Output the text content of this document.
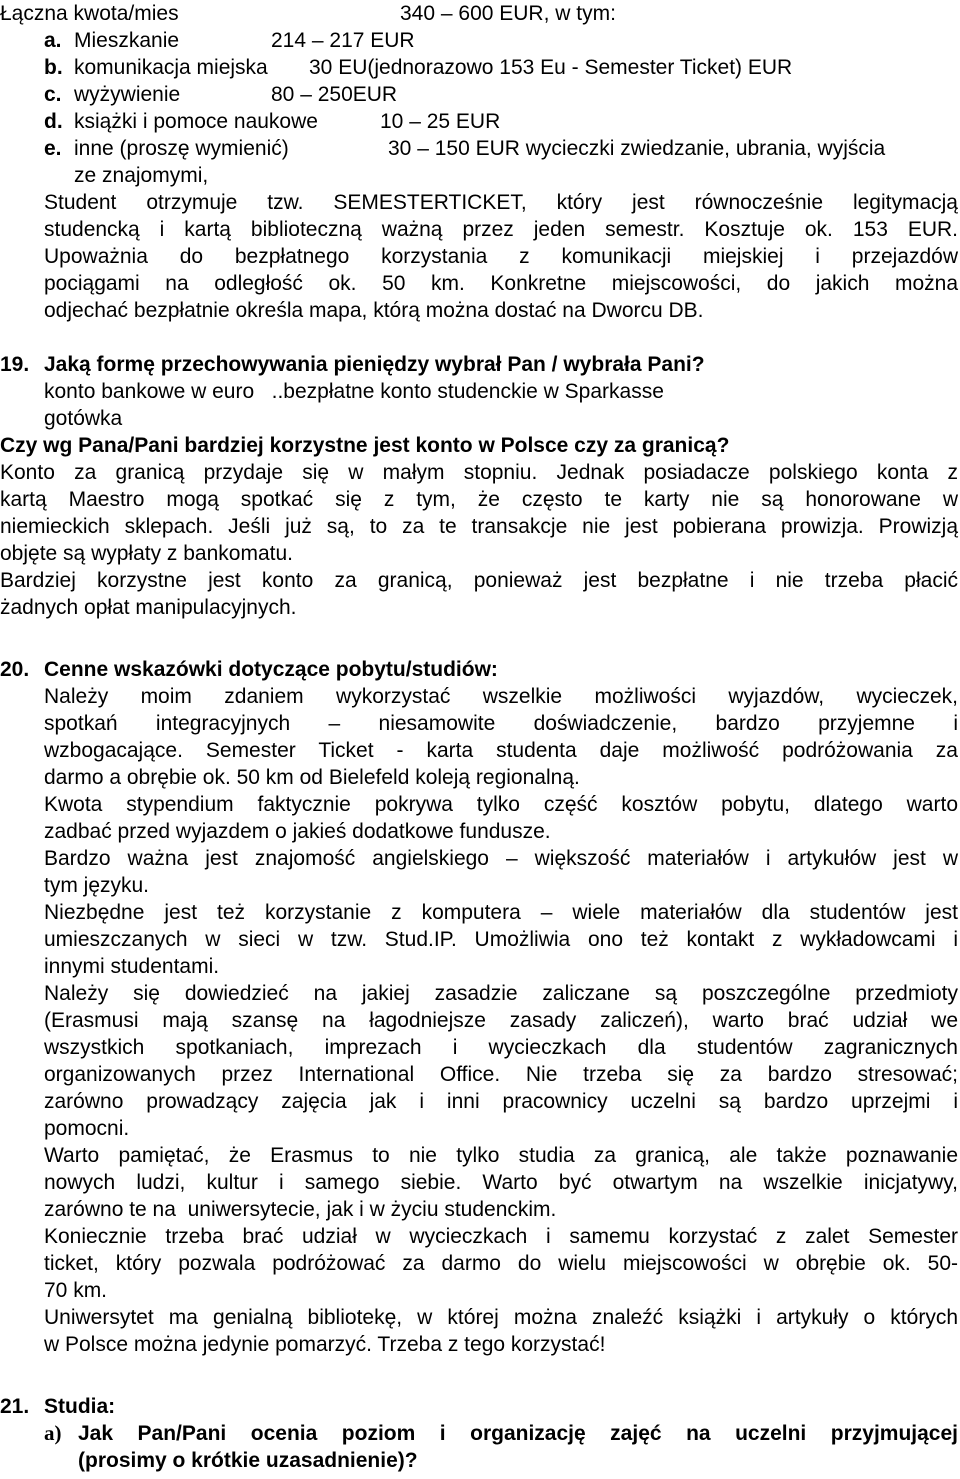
Łączna kwota/mies	340 – 600 EUR, w tym:
a. Mieszkanie	214 – 217 EUR
b. komunikacja miejska 30 EU(jednorazowo 153 Eu - Semester Ticket) EUR
c. wyżywienie	80 – 250EUR
d. książki i pomoce naukowe	10 – 25 EUR
e. inne (proszę wymienić)	30 – 150 EUR wycieczki zwiedzanie, ubrania, wyjścia
ze znajomymi,
Student otrzymuje tzw. SEMESTERTICKET, który jest równocześnie legitymacją
studencką i kartą biblioteczną ważną przez jeden semestr. Kosztuje ok. 153 EUR.
Upoważnia do bezpłatnego korzystania z komunikacji miejskiej i przejazdów
pociągami na odległość ok. 50 km. Konkretne miejscowości, do jakich można
odjechać bezpłatnie określa mapa, którą można dostać na Dworcu DB.
19. Jaką formę przechowywania pieniędzy wybrał Pan / wybrała Pani?
konto bankowe w euro   ..bezpłatne konto studenckie w Sparkasse
gotówka
Czy wg Pana/Pani bardziej korzystne jest konto w Polsce czy za granicą?
Konto za granicą przydaje się w małym stopniu. Jednak posiadacze polskiego konta z
kartą Maestro mogą spotkać się z tym, że często te karty nie są honorowane w
niemieckich sklepach. Jeśli już są, to za te transakcje nie jest pobierana prowizja. Prowizją
objęte są wypłaty z bankomatu.
Bardziej korzystne jest konto za granicą, ponieważ jest bezpłatne i nie trzeba płacić
żadnych opłat manipulacyjnych.
20. Cenne wskazówki dotyczące pobytu/studiów:
Należy moim zdaniem wykorzystać wszelkie możliwości wyjazdów, wycieczek,
spotkań integracyjnych – niesamowite doświadczenie, bardzo przyjemne i
wzbogacające. Semester Ticket - karta studenta daje możliwość podróżowania za
darmo a obrębie ok. 50 km od Bielefeld koleją regionalną.
Kwota stypendium faktycznie pokrywa tylko część kosztów pobytu, dlatego warto
zadbać przed wyjazdem o jakieś dodatkowe fundusze.
Bardzo ważna jest znajomość angielskiego – większość materiałów i artykułów jest w
tym języku.
Niezbędne jest też korzystanie z komputera – wiele materiałów dla studentów jest
umieszczanych w sieci w tzw. Stud.IP. Umożliwia ono też kontakt z wykładowcami i
innymi studentami.
Należy się dowiedzieć na jakiej zasadzie zaliczane są poszczególne przedmioty
(Erasmusi mają szansę na łagodniejsze zasady zaliczeń), warto brać udział we
wszystkich spotkaniach, imprezach i wycieczkach dla studentów zagranicznych
organizowanych przez International Office. Nie trzeba się za bardzo stresować;
zarówno prowadzący zajęcia jak i inni pracownicy uczelni są bardzo uprzejmi i
pomocni.
Warto pamiętać, że Erasmus to nie tylko studia za granicą, ale także poznawanie
nowych ludzi, kultur i samego siebie. Warto być otwartym na wszelkie inicjatywy,
zarówno te na  uniwersytecie, jak i w życiu studenckim.
Koniecznie trzeba brać udział w wycieczkach i samemu korzystać z zalet Semester
ticket, który pozwala podróżować za darmo do wielu miejscowości w obrębie ok. 50-
70 km.
Uniwersytet ma genialną bibliotekę, w której można znaleźć książki i artykuły o których
w Polsce można jedynie pomarzyć. Trzeba z tego korzystać!
21. Studia:
a) Jak Pan/Pani ocenia poziom i organizację zajęć na uczelni przyjmującej
(prosimy o krótkie uzasadnienie)?
